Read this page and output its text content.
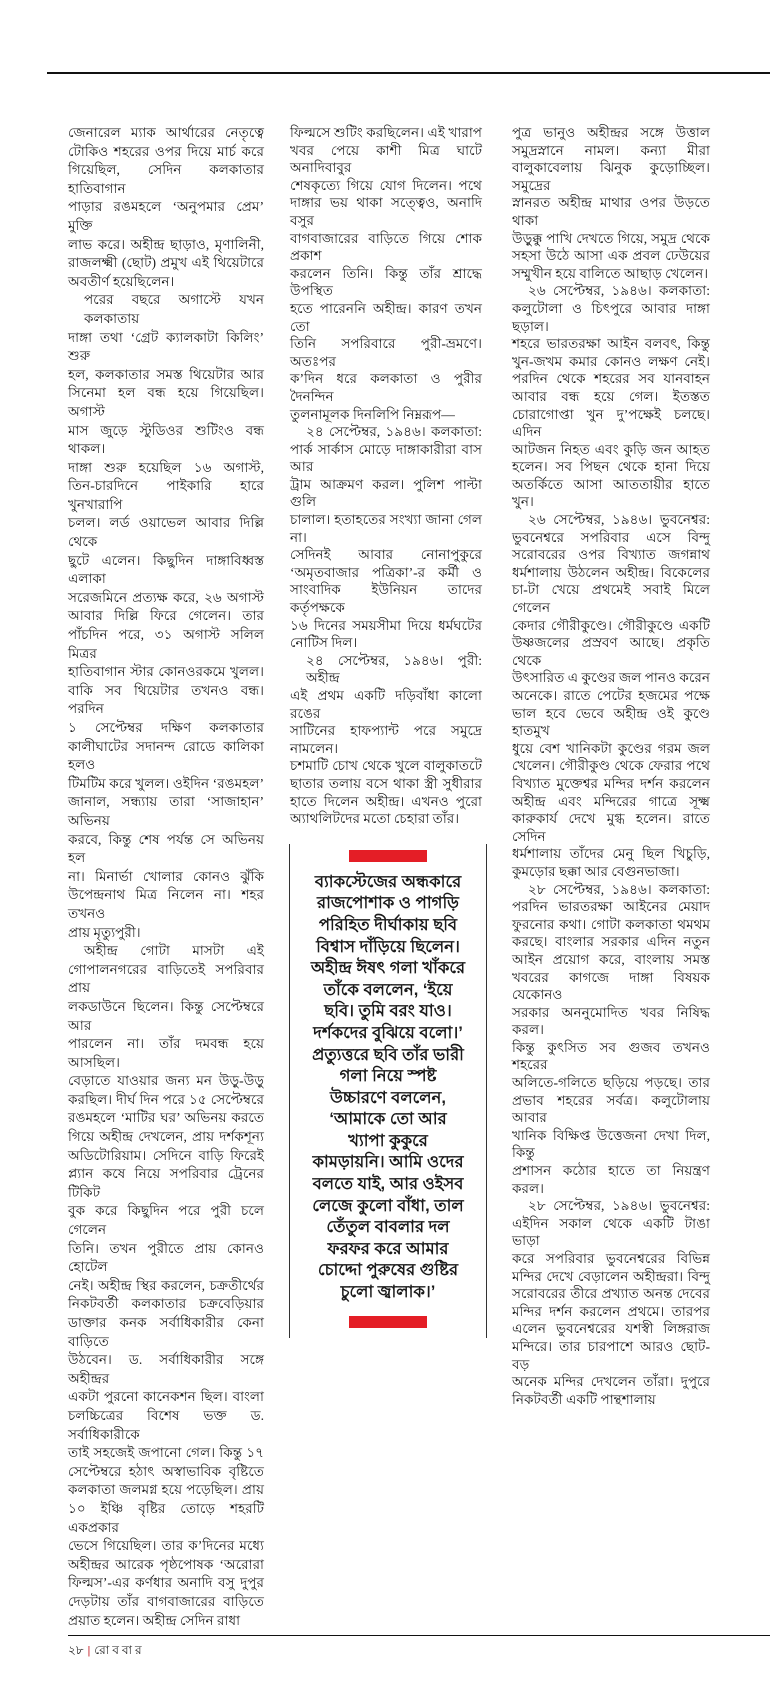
জেনারেল ম্যাক আর্থারের নেতৃত্বে
টোকিও শহরের ওপর দিয়ে মার্চ করে
গিয়েছিল, সেদিন কলকাতার হাতিবাগান
পাড়ার রঙমহলে ‘অনুপমার প্রেম’ মুক্তি
লাভ করে। অহীন্দ্র ছাড়াও, মৃণালিনী,
রাজলক্ষ্মী (ছোট) প্রমুখ এই থিয়েটারে
অবতীর্ণ হয়েছিলেন।
পরের বছরে অগাস্টে যখন কলকাতায়
দাঙ্গা তথা ‘গ্রেট ক্যালকাটা কিলিং’ শুরু
হল, কলকাতার সমস্ত থিয়েটার আর
সিনেমা হল বন্ধ হয়ে গিয়েছিল। অগাস্ট
মাস জুড়ে স্টুডিওর শুটিংও বন্ধ থাকল।
দাঙ্গা শুরু হয়েছিল ১৬ অগাস্ট,
তিন-চারদিনে পাইকারি হারে খুনখারাপি
চলল। লর্ড ওয়াভেল আবার দিল্লি থেকে
ছুটে এলেন। কিছুদিন দাঙ্গাবিধ্বস্ত এলাকা
সরেজমিনে প্রত্যক্ষ করে, ২৬ অগাস্ট
আবার দিল্লি ফিরে গেলেন। তার
পাঁচদিন পরে, ৩১ অগাস্ট সলিল মিত্রর
হাতিবাগান স্টার কোনওরকমে খুলল।
বাকি সব থিয়েটার তখনও বন্ধ। পরদিন
১ সেপ্টেম্বর দক্ষিণ কলকাতার
কালীঘাটের সদানন্দ রোডে কালিকা হলও
টিমটিম করে খুলল। ওইদিন ‘রঙমহল’
জানাল, সন্ধ্যায় তারা ‘সাজাহান’ অভিনয়
করবে, কিন্তু শেষ পর্যন্ত সে অভিনয় হল
না। মিনার্ভা খোলার কোনও ঝুঁকি
উপেন্দ্রনাথ মিত্র নিলেন না। শহর তখনও
প্রায় মৃত্যুপুরী।
অহীন্দ্র গোটা মাসটা এই
গোপালনগরের বাড়িতেই সপরিবার প্রায়
লকডাউনে ছিলেন। কিন্তু সেপ্টেম্বরে আর
পারলেন না। তাঁর দমবন্ধ হয়ে আসছিল।
বেড়াতে যাওয়ার জন্য মন উড়ু-উড়ু
করছিল। দীর্ঘ দিন পরে ১৫ সেপ্টেম্বরে
রঙমহলে ‘মাটির ঘর’ অভিনয় করতে
গিয়ে অহীন্দ্র দেখলেন, প্রায় দর্শকশূন্য
অডিটোরিয়াম। সেদিনে বাড়ি ফিরেই
প্ল্যান কষে নিয়ে সপরিবার ট্রেনের টিকিট
বুক করে কিছুদিন পরে পুরী চলে গেলেন
তিনি। তখন পুরীতে প্রায় কোনও হোটেল
নেই। অহীন্দ্র স্থির করলেন, চক্রতীর্থের
নিকটবর্তী কলকাতার চক্রবেড়িয়ার
ডাক্তার কনক সর্বাধিকারীর কেনা বাড়িতে
উঠবেন। ড. সর্বাধিকারীর সঙ্গে অহীন্দ্রর
একটা পুরনো কানেকশন ছিল। বাংলা
চলচ্চিত্রের বিশেষ ভক্ত ড. সর্বাধিকারীকে
তাই সহজেই জপানো গেল। কিন্তু ১৭
সেপ্টেম্বরে হঠাৎ অস্বাভাবিক বৃষ্টিতে
কলকাতা জলমগ্ন হয়ে পড়েছিল। প্রায়
১০ ইঞ্চি বৃষ্টির তোড়ে শহরটি একপ্রকার
ভেসে গিয়েছিল। তার ক’দিনের মধ্যে
অহীন্দ্রর আরেক পৃষ্ঠপোষক ‘অরোরা
ফিল্মস’-এর কর্ণধার অনাদি বসু দুপুর
দেড়টায় তাঁর বাগবাজারের বাড়িতে
প্রয়াত হলেন। অহীন্দ্র সেদিন রাধা
ফিল্মসে শুটিং করছিলেন। এই খারাপ
খবর পেয়ে কাশী মিত্র ঘাটে অনাদিবাবুর
শেষকৃত্যে গিয়ে যোগ দিলেন। পথে
দাঙ্গার ভয় থাকা সত্ত্বেও, অনাদি বসুর
বাগবাজারের বাড়িতে গিয়ে শোক প্রকাশ
করলেন তিনি। কিন্তু তাঁর শ্রাদ্ধে উপস্থিত
হতে পারেননি অহীন্দ্র। কারণ তখন তো
তিনি সপরিবারে পুরী-ভ্রমণে। অতঃপর
ক’দিন ধরে কলকাতা ও পুরীর দৈনন্দিন
তুলনামূলক দিনলিপি নিম্নরূপ—
২৪ সেপ্টেম্বর, ১৯৪৬। কলকাতা:
পার্ক সার্কাস মোড়ে দাঙ্গাকারীরা বাস আর
ট্রাম আক্রমণ করল। পুলিশ পাল্টা গুলি
চালাল। হতাহতের সংখ্যা জানা গেল না।
সেদিনই আবার নোনাপুকুরে
‘অমৃতবাজার পত্রিকা’-র কর্মী ও
সাংবাদিক ইউনিয়ন তাদের কর্তৃপক্ষকে
১৬ দিনের সময়সীমা দিয়ে ধর্মঘটের
নোটিস দিল।
২৪ সেপ্টেম্বর, ১৯৪৬। পুরী: অহীন্দ্র
এই প্রথম একটি দড়িবাঁধা কালো রঙের
সাটিনের হাফপ্যান্ট পরে সমুদ্রে নামলেন।
চশমাটি চোখ থেকে খুলে বালুকাতটে
ছাতার তলায় বসে থাকা স্ত্রী সুধীরার
হাতে দিলেন অহীন্দ্র। এখনও পুরো
অ্যাথলিটদের মতো চেহারা তাঁর।
ব্যাকস্টেজের অন্ধকারে
রাজপোশাক ও পাগড়ি
পরিহিত দীর্ঘাকায় ছবি
বিশ্বাস দাঁড়িয়ে ছিলেন।
অহীন্দ্র ঈষৎ গলা খাঁকরে
তাঁকে বললেন, ‘ইয়ে
ছবি। তুমি বরং যাও।
দর্শকদের বুঝিয়ে বলো।’
প্রত্যুত্তরে ছবি তাঁর ভারী
গলা নিয়ে স্পষ্ট
উচ্চারণে বললেন,
‘আমাকে তো আর
খ্যাপা কুকুরে
কামড়ায়নি। আমি ওদের
বলতে যাই, আর ওইসব
লেজে কুলো বাঁধা, তাল
তেঁতুল বাবলার দল
ফরফর করে আমার
চোদ্দো পুরুষের গুষ্টির
চুলো জ্বালাক।’
পুত্র ভানুও অহীন্দ্রর সঙ্গে উত্তাল
সমুদ্রস্নানে নামল। কন্যা মীরা
বালুকাবেলায় ঝিনুক কুড়োচ্ছিল। সমুদ্রের
স্নানরত অহীন্দ্র মাথার ওপর উড়তে থাকা
উড়ুক্কু পাখি দেখতে গিয়ে, সমুদ্র থেকে
সহসা উঠে আসা এক প্রবল ঢেউয়ের
সম্মুখীন হয়ে বালিতে আছাড় খেলেন।
২৬ সেপ্টেম্বর, ১৯৪৬। কলকাতা:
কলুটোলা ও চিৎপুরে আবার দাঙ্গা ছড়াল।
শহরে ভারতরক্ষা আইন বলবৎ, কিন্তু
খুন-জখম কমার কোনও লক্ষণ নেই।
পরদিন থেকে শহরের সব যানবাহন
আবার বন্ধ হয়ে গেল। ইতস্তত
চোরাগোপ্তা খুন দু’পক্ষেই চলছে। এদিন
আটজন নিহত এবং কুড়ি জন আহত
হলেন। সব পিছন থেকে হানা দিয়ে
অতর্কিতে আসা আততায়ীর হাতে খুন।
২৬ সেপ্টেম্বর, ১৯৪৬। ভুবনেশ্বর:
ভুবনেশ্বরে সপরিবার এসে বিন্দু
সরোবরের ওপর বিখ্যাত জগন্নাথ
ধর্মশালায় উঠলেন অহীন্দ্র। বিকেলের
চা-টা খেয়ে প্রথমেই সবাই মিলে গেলেন
কেদার গৌরীকুণ্ডে। গৌরীকুণ্ডে একটি
উষ্ণজলের প্রস্রবণ আছে। প্রকৃতি থেকে
উৎসারিত এ কুণ্ডের জল পানও করেন
অনেকে। রাতে পেটের হজমের পক্ষে
ভাল হবে ভেবে অহীন্দ্র ওই কুণ্ডে হাতমুখ
ধুয়ে বেশ খানিকটা কুণ্ডের গরম জল
খেলেন। গৌরীকুণ্ড থেকে ফেরার পথে
বিখ্যাত মুক্তেশ্বর মন্দির দর্শন করলেন
অহীন্দ্র এবং মন্দিরের গাত্রে সূক্ষ্ম
কারুকার্য দেখে মুগ্ধ হলেন। রাতে সেদিন
ধর্মশালায় তাঁদের মেনু ছিল খিচুড়ি,
কুমড়োর ছক্কা আর বেগুনভাজা।
২৮ সেপ্টেম্বর, ১৯৪৬। কলকাতা:
পরদিন ভারতরক্ষা আইনের মেয়াদ
ফুরনোর কথা। গোটা কলকাতা থমথম
করছে। বাংলার সরকার এদিন নতুন
আইন প্রয়োগ করে, বাংলায় সমস্ত
খবরের কাগজে দাঙ্গা বিষয়ক যেকোনও
সরকার অননুমোদিত খবর নিষিদ্ধ করল।
কিন্তু কুৎসিত সব গুজব তখনও শহরের
অলিতে-গলিতে ছড়িয়ে পড়ছে। তার
প্রভাব শহরের সর্বত্র। কলুটোলায় আবার
খানিক বিক্ষিপ্ত উত্তেজনা দেখা দিল, কিন্তু
প্রশাসন কঠোর হাতে তা নিয়ন্ত্রণ করল।
২৮ সেপ্টেম্বর, ১৯৪৬। ভুবনেশ্বর:
এইদিন সকাল থেকে একটি টাঙা ভাড়া
করে সপরিবার ভুবনেশ্বরের বিভিন্ন
মন্দির দেখে বেড়ালেন অহীন্দ্ররা। বিন্দু
সরোবরের তীরে প্রখ্যাত অনন্ত দেবের
মন্দির দর্শন করলেন প্রথমে। তারপর
এলেন ভুবনেশ্বরের যশস্বী লিঙ্গরাজ
মন্দিরে। তার চারপাশে আরও ছোট-বড়
অনেক মন্দির দেখলেন তাঁরা। দুপুরে
নিকটবর্তী একটি পান্থশালায়
২৮ | রো ব বা র
